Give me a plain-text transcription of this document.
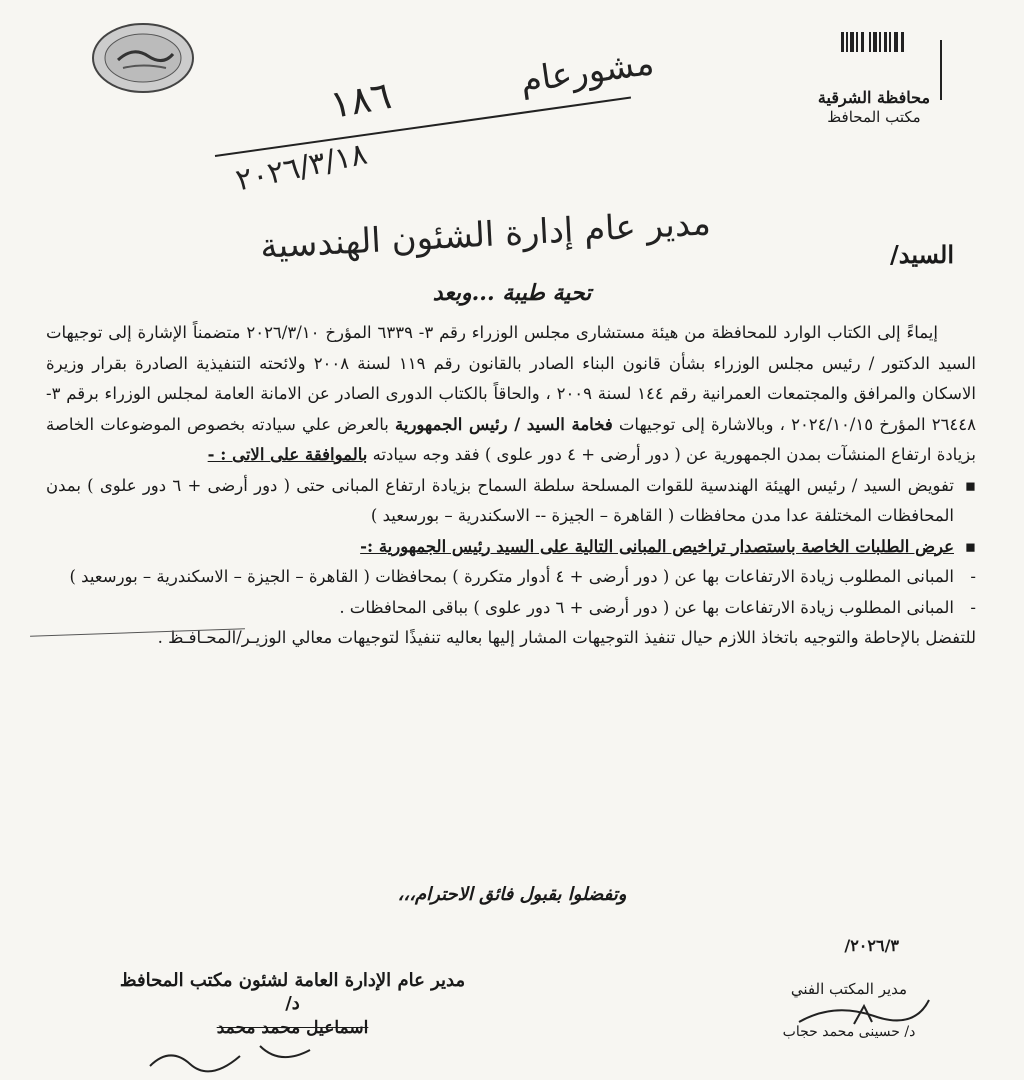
محافظة الشرقية
مكتب المحافظ
١٨٦	مشورعام
٢٠٢٦/٣/١٨
مدير عام إدارة الشئون الهندسية	السيد/
تحية طيبة ...وبعد

إيماءً إلى الكتاب الوارد للمحافظة من هيئة مستشارى مجلس الوزراء رقم ٣- ٦٣٣٩ المؤرخ ٢٠٢٦/٣/١٠ متضمناً الإشارة إلى توجيهات السيد الدكتور / رئيس مجلس الوزراء بشأن قانون البناء الصادر بالقانون رقم ١١٩ لسنة ٢٠٠٨ ولائحته التنفيذية الصادرة بقرار وزيرة الاسكان والمرافق والمجتمعات العمرانية رقم ١٤٤ لسنة ٢٠٠٩ ، والحاقاً بالكتاب الدورى الصادر عن الامانة العامة لمجلس الوزراء برقم ٣- ٢٦٤٤٨ المؤرخ ٢٠٢٤/١٠/١٥ ، وبالاشارة إلى توجيهات فخامة السيد / رئيس الجمهورية بالعرض علي سيادته بخصوص الموضوعات الخاصة بزيادة ارتفاع المنشآت بمدن الجمهورية عن ( دور أرضى + ٤ دور علوى ) فقد وجه سيادته بالموافقة على الاتى : -

▪
تفويض السيد / رئيس الهيئة الهندسية للقوات المسلحة سلطة السماح بزيادة ارتفاع المبانى حتى ( دور أرضى + ٦ دور علوى ) بمدن المحافظات المختلفة عدا مدن محافظات ( القاهرة – الجيزة -- الاسكندرية – بورسعيد )
▪
عرض الطلبات الخاصة باستصدار تراخيص المبانى التالية على السيد رئيس الجمهورية :-
-
المبانى المطلوب زيادة الارتفاعات بها عن ( دور أرضى + ٤ أدوار متكررة ) بمحافظات ( القاهرة – الجيزة – الاسكندرية – بورسعيد )
-
المبانى المطلوب زيادة الارتفاعات بها عن ( دور أرضى + ٦ دور علوى ) بباقى المحافظات .

للتفضل بالإحاطة والتوجيه باتخاذ اللازم حيال تنفيذ التوجيهات المشار إليها بعاليه تنفيذًا لتوجيهات معالي الوزيـر/المحـافـظ .

وتفضلوا بقبول فائق الاحترام،،،
٢٠٢٦/٣/
مدير المكتب الفني
د/ حسينى محمد حجاب
مدير عام الإدارة العامة لشئون مكتب المحافظ
د/
اسماعيل محمد محمد
